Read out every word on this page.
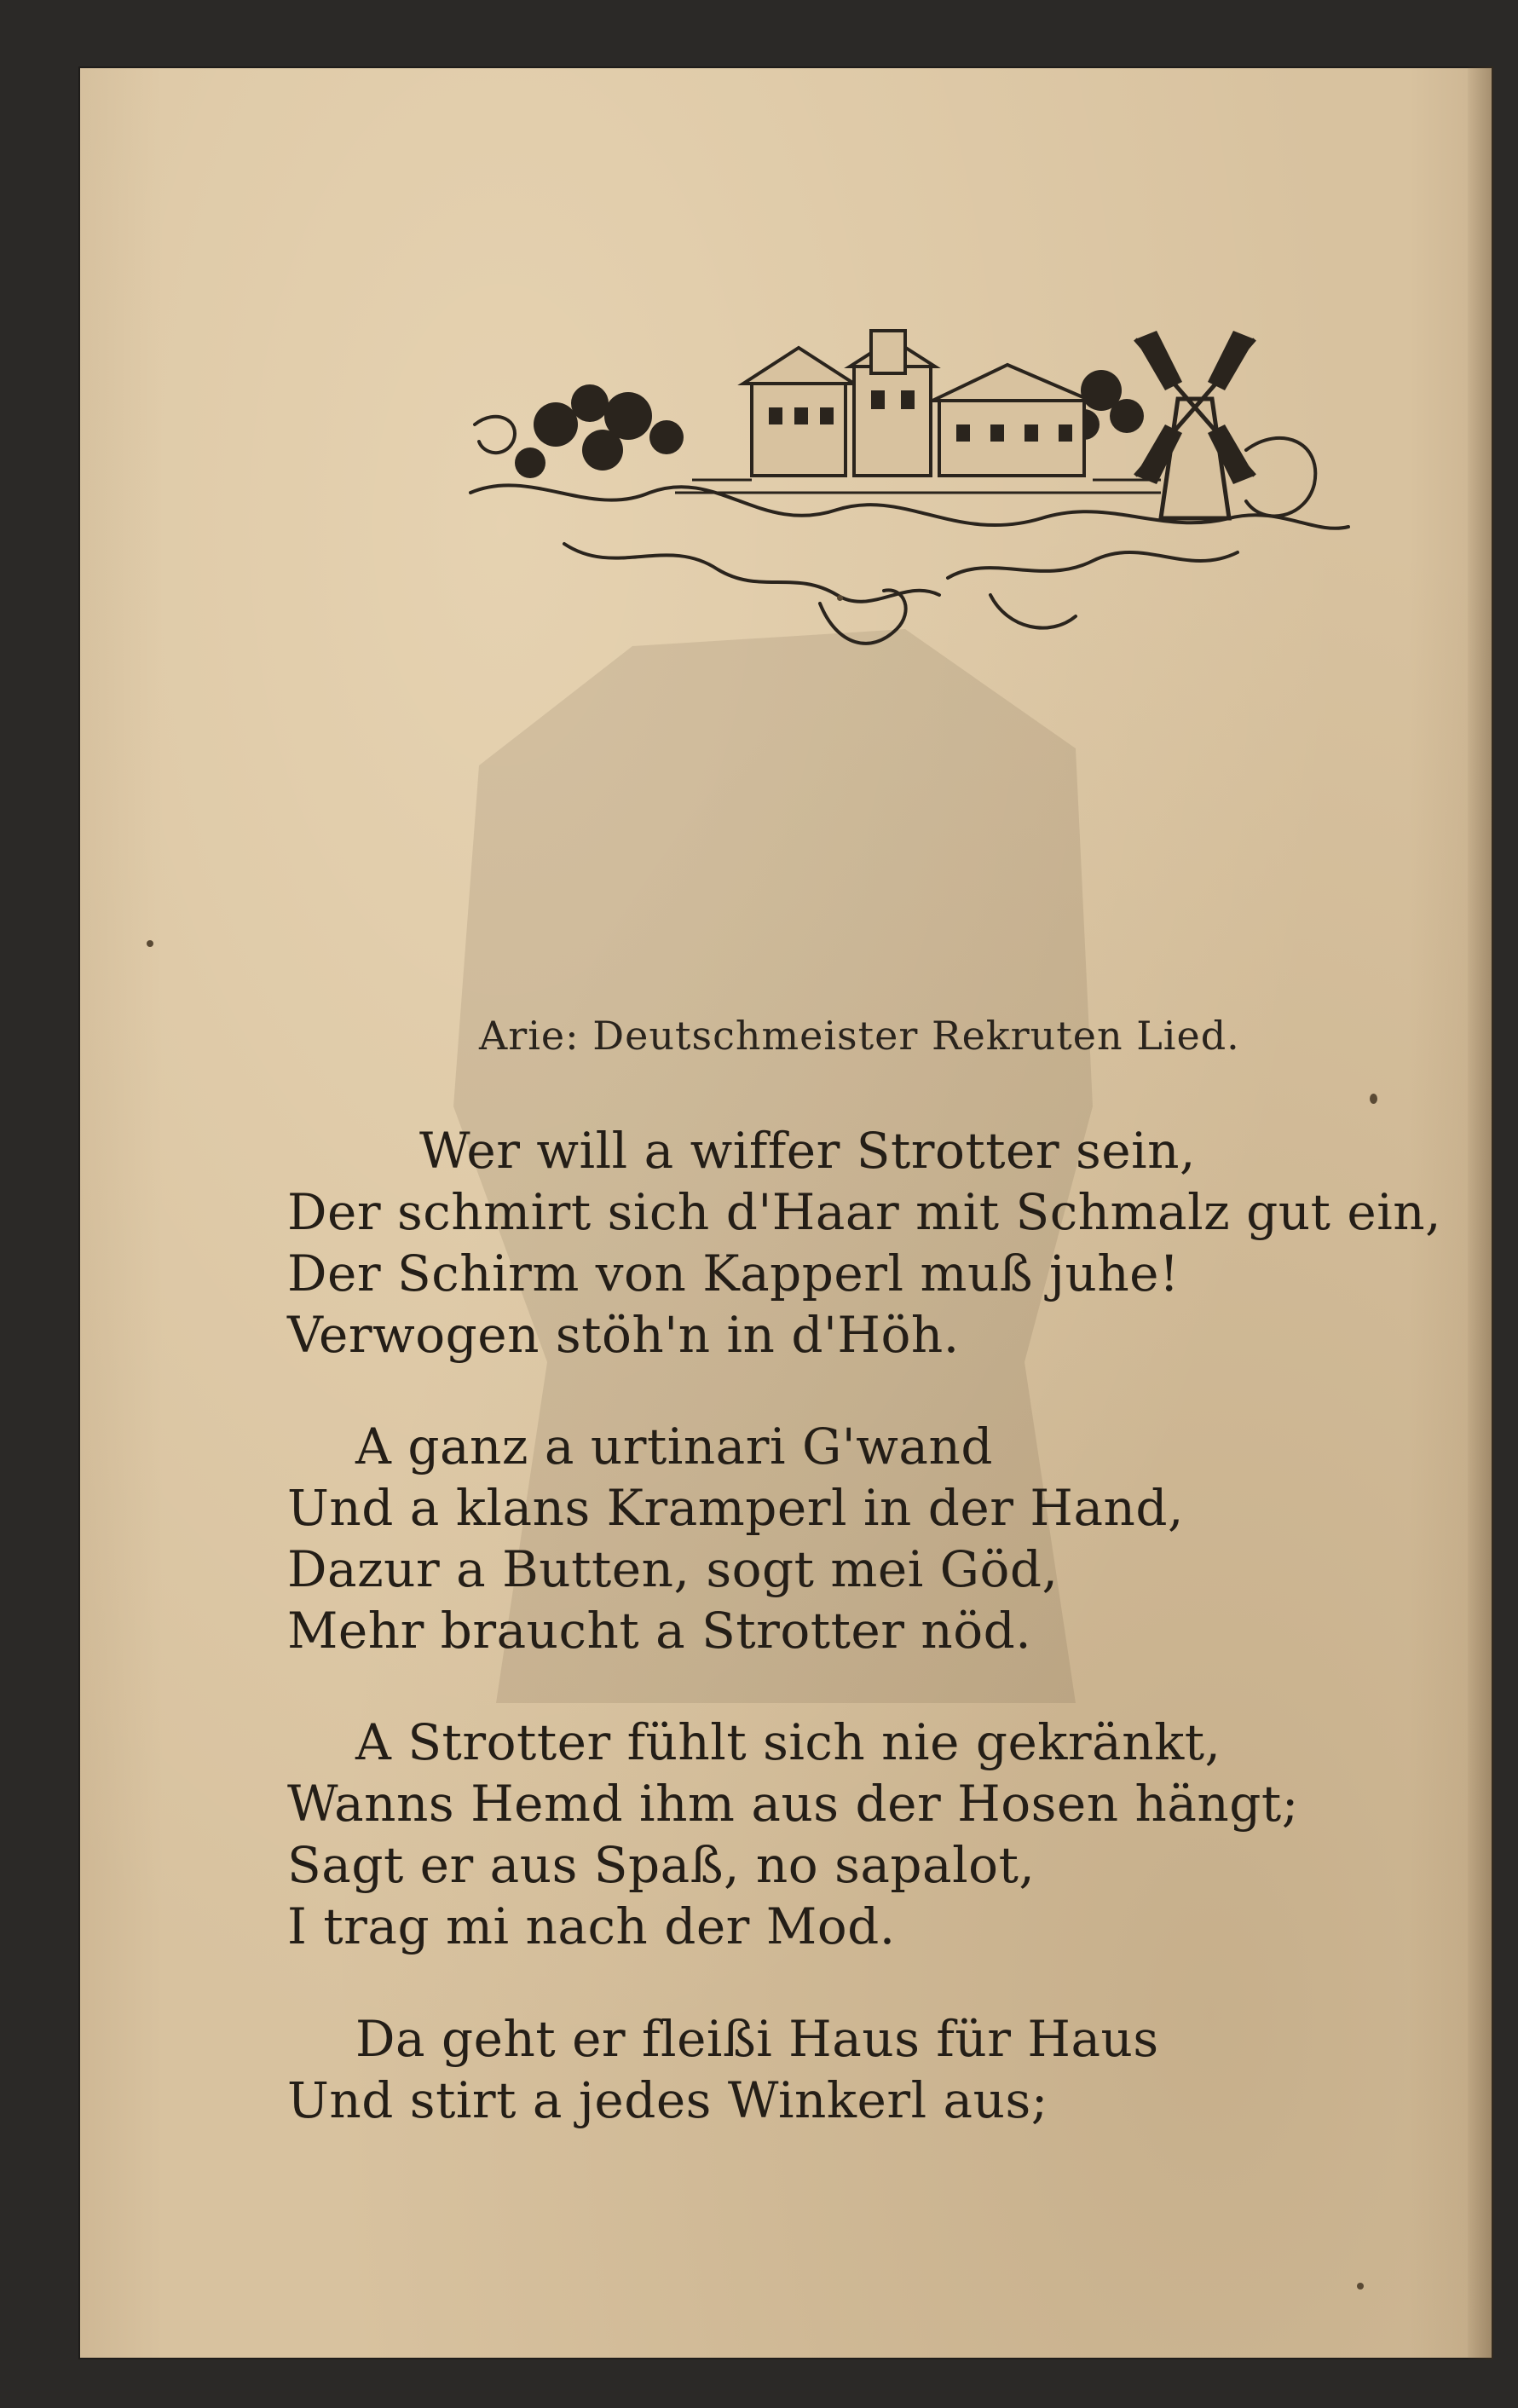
Arie: Deutschmeister Rekruten Lied.
Wer will a wiffer Strotter sein,
Der schmirt sich d'Haar mit Schmalz gut ein,
Der Schirm von Kapperl muß juhe!
Verwogen stöh'n in d'Höh.
A ganz a urtinari G'wand
Und a klans Kramperl in der Hand,
Dazur a Butten, sogt mei Göd,
Mehr braucht a Strotter nöd.
A Strotter fühlt sich nie gekränkt,
Wanns Hemd ihm aus der Hosen hängt;
Sagt er aus Spaß, no sapalot,
I trag mi nach der Mod.
Da geht er fleißi Haus für Haus
Und stirt a jedes Winkerl aus;
